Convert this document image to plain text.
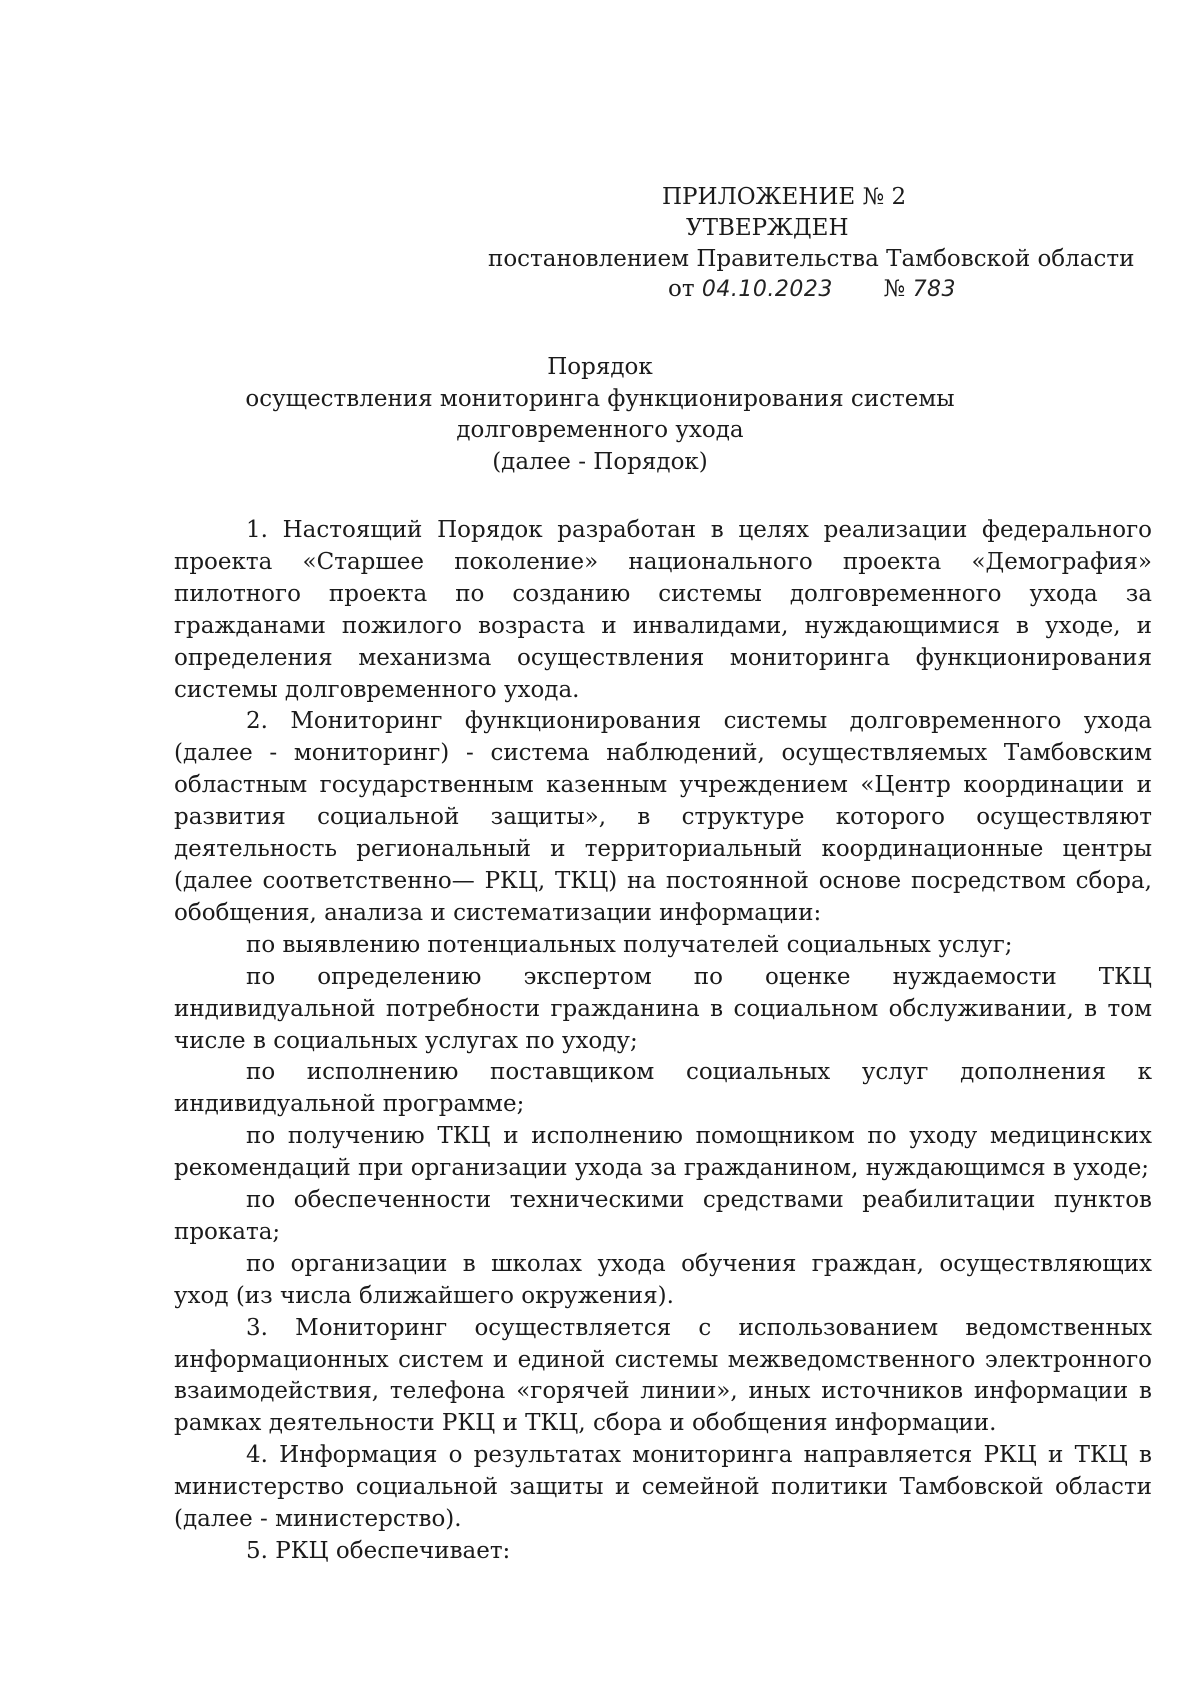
ПРИЛОЖЕНИЕ № 2
УТВЕРЖДЕН
постановлением Правительства Тамбовской области
от 04.10.2023 № 783
Порядок
осуществления мониторинга функционирования системы
долговременного ухода
(далее - Порядок)

1. Настоящий Порядок разработан в целях реализации федерального проекта «Старшее поколение» национального проекта «Демография» пилотного проекта по созданию системы долговременного ухода за гражданами пожилого возраста и инвалидами, нуждающимися в уходе, и определения механизма осуществления мониторинга функционирования системы долговременного ухода.

2. Мониторинг функционирования системы долговременного ухода (далее - мониторинг) - система наблюдений, осуществляемых Тамбовским областным государственным казенным учреждением «Центр координации и развития социальной защиты», в структуре которого осуществляют деятельность региональный и территориальный координационные центры (далее соответственно— РКЦ, ТКЦ) на постоянной основе посредством сбора, обобщения, анализа и систематизации информации:

по выявлению потенциальных получателей социальных услуг;

по определению экспертом по оценке нуждаемости ТКЦ индивидуальной потребности гражданина в социальном обслуживании, в том числе в социальных услугах по уходу;

по исполнению поставщиком социальных услуг дополнения к индивидуальной программе;

по получению ТКЦ и исполнению помощником по уходу медицинских рекомендаций при организации ухода за гражданином, нуждающимся в уходе;

по обеспеченности техническими средствами реабилитации пунктов проката;

по организации в школах ухода обучения граждан, осуществляющих уход (из числа ближайшего окружения).

3. Мониторинг осуществляется с использованием ведомственных информационных систем и единой системы межведомственного электронного взаимодействия, телефона «горячей линии», иных источников информации в рамках деятельности РКЦ и ТКЦ, сбора и обобщения информации.

4. Информация о результатах мониторинга направляется РКЦ и ТКЦ в министерство социальной защиты и семейной политики Тамбовской области (далее - министерство).

5. РКЦ обеспечивает:
